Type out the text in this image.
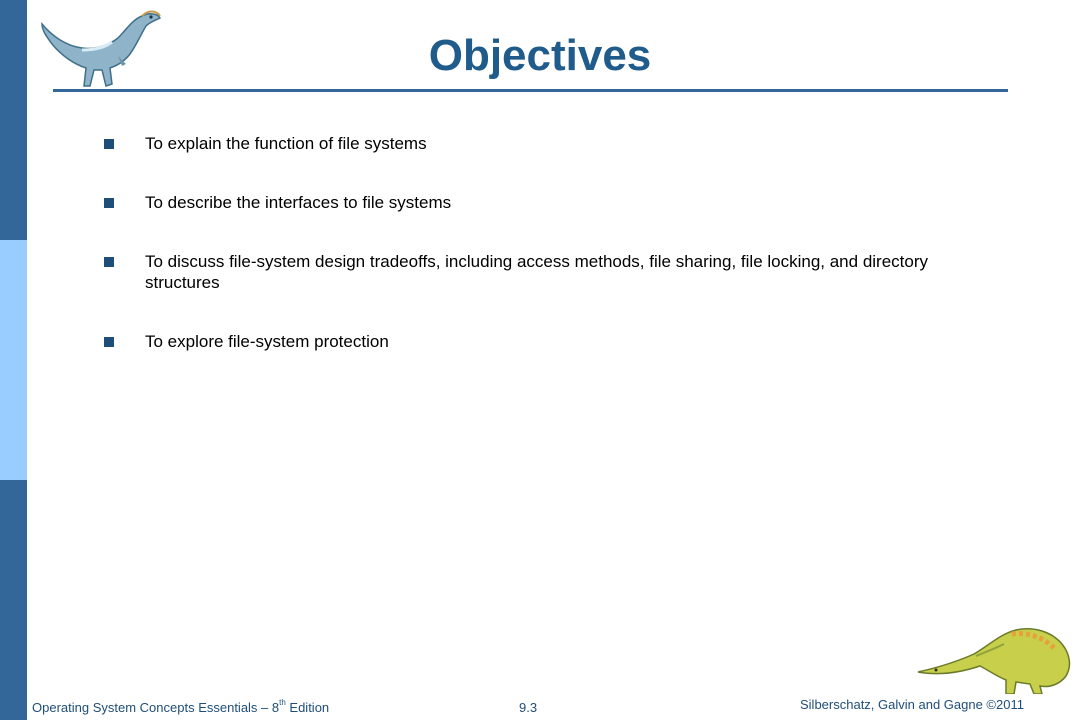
Objectives
To explain the function of file systems
To describe the interfaces to file systems
To discuss file-system design tradeoffs, including access methods, file sharing, file locking, and directory structures
To explore file-system protection
Operating System Concepts Essentials – 8th Edition	9.3	Silberschatz, Galvin and Gagne ©2011
